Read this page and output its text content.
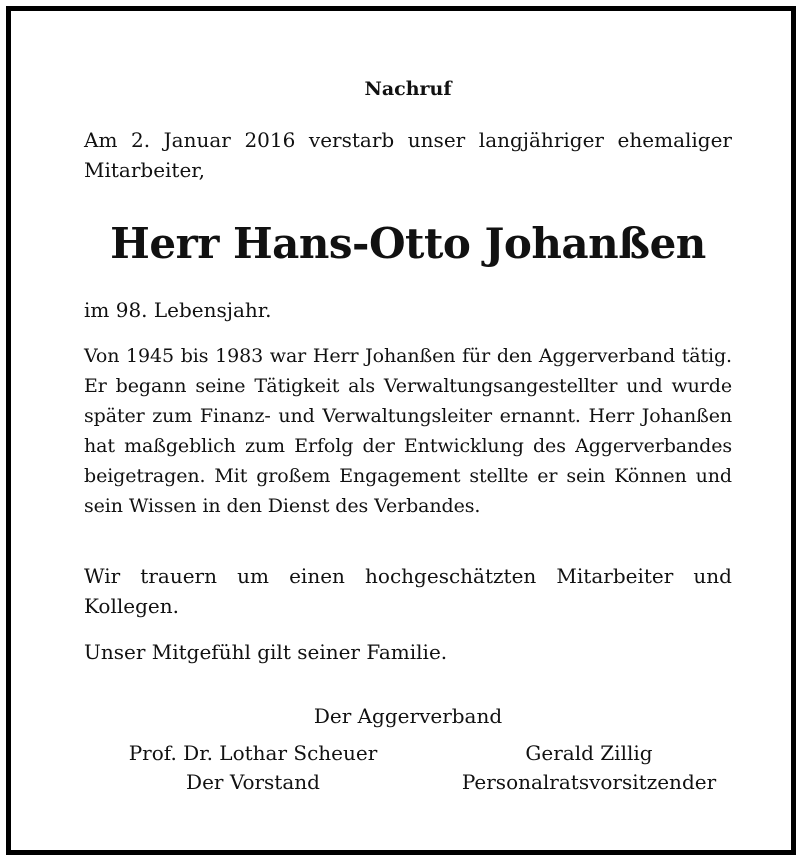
Nachruf

Am 2. Januar 2016 verstarb unser langjähriger ehemaliger Mitarbeiter,

Herr Hans-Otto Johanßen

im 98. Lebensjahr.

Von 1945 bis 1983 war Herr Johanßen für den Aggerverband tätig. Er begann seine Tätigkeit als Verwaltungsangestellter und wurde später zum Finanz- und Verwaltungsleiter ernannt. Herr Johanßen hat maßgeblich zum Erfolg der Entwicklung des Aggerverbandes beigetragen. Mit großem Engagement stellte er sein Können und sein Wissen in den Dienst des Verbandes.

Wir trauern um einen hochgeschätzten Mitarbeiter und Kollegen.

Unser Mitgefühl gilt seiner Familie.

Der Aggerverband

Prof. Dr. Lothar Scheuer
Der Vorstand
Gerald Zillig
Personalratsvorsitzender
